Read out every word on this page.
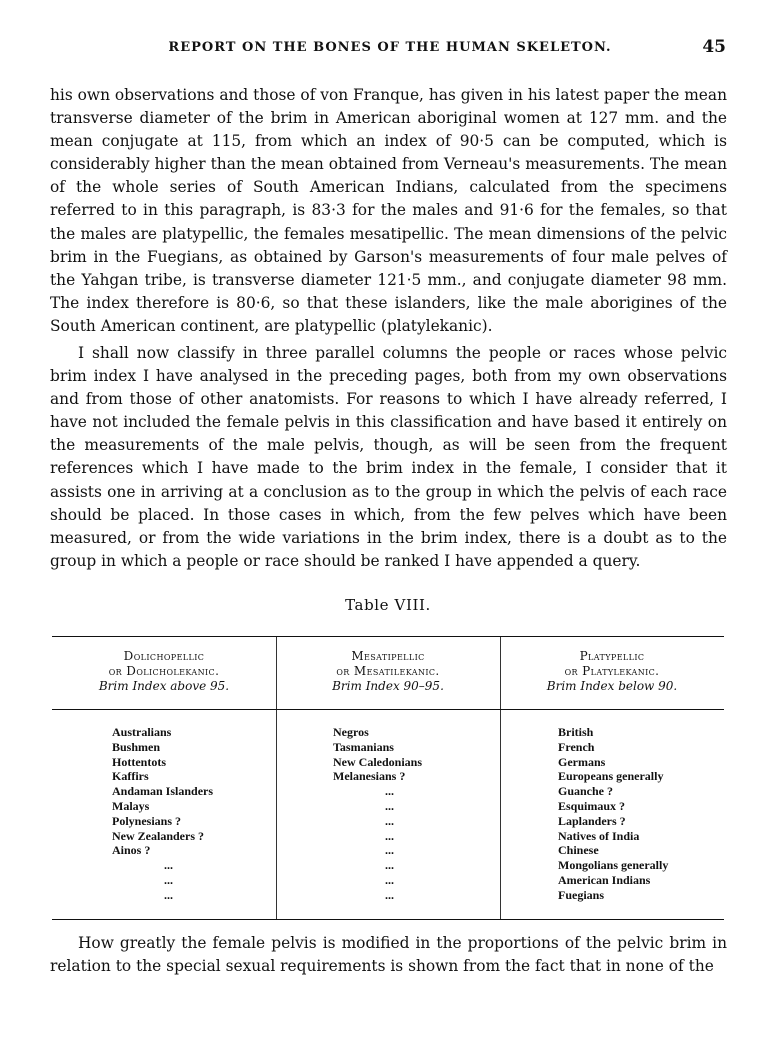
REPORT ON THE BONES OF THE HUMAN SKELETON.	45

his own observations and those of von Franque, has given in his latest paper the mean transverse diameter of the brim in American aboriginal women at 127 mm. and the mean conjugate at 115, from which an index of 90·5 can be computed, which is considerably higher than the mean obtained from Verneau's measurements. The mean of the whole series of South American Indians, calculated from the specimens referred to in this paragraph, is 83·3 for the males and 91·6 for the females, so that the males are platypellic, the females mesatipellic. The mean dimensions of the pelvic brim in the Fuegians, as obtained by Garson's measurements of four male pelves of the Yahgan tribe, is transverse diameter 121·5 mm., and conjugate diameter 98 mm. The index therefore is 80·6, so that these islanders, like the male aborigines of the South American continent, are platypellic (platylekanic).

I shall now classify in three parallel columns the people or races whose pelvic brim index I have analysed in the preceding pages, both from my own observations and from those of other anatomists. For reasons to which I have already referred, I have not included the female pelvis in this classification and have based it entirely on the measurements of the male pelvis, though, as will be seen from the frequent references which I have made to the brim index in the female, I consider that it assists one in arriving at a conclusion as to the group in which the pelvis of each race should be placed. In those cases in which, from the few pelves which have been measured, or from the wide variations in the brim index, there is a doubt as to the group in which a people or race should be ranked I have appended a query.

Table VIII.
Dolichopellic
or Dolicholekanic.
Brim Index above 95.
Australians
Bushmen
Hottentots
Kaffirs
Andaman Islanders
Malays
Polynesians ?
New Zealanders ?
Ainos ?
...
...
...
Mesatipellic
or Mesatilekanic.
Brim Index 90–95.
Negros
Tasmanians
New Caledonians
Melanesians ?
...
...
...
...
...
...
...
...
Platypellic
or Platylekanic.
Brim Index below 90.
British
French
Germans
Europeans generally
Guanche ?
Esquimaux ?
Laplanders ?
Natives of India
Chinese
Mongolians generally
American Indians
Fuegians

How greatly the female pelvis is modified in the proportions of the pelvic brim in relation to the special sexual requirements is shown from the fact that in none of the
